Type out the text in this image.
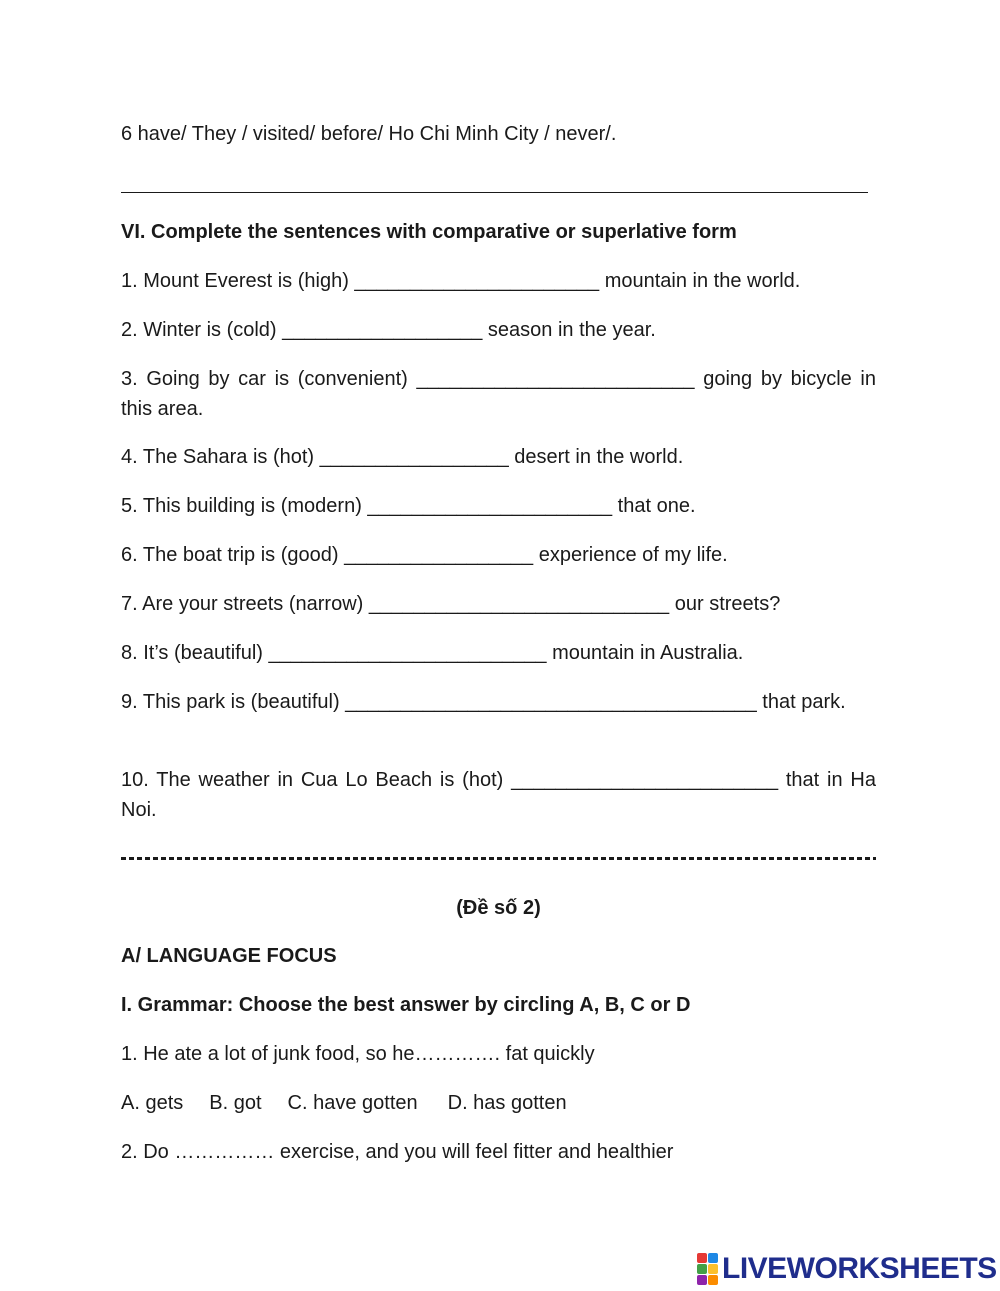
6 have/ They / visited/ before/ Ho Chi Minh City / never/.
VI. Complete the sentences with comparative or superlative form
1. Mount Everest is (high) ______________________ mountain in the world.
2. Winter is (cold) __________________ season in the year.
3. Going by car is (convenient) _________________________ going by bicycle in this area.
4. The Sahara is (hot) _________________ desert in the world.
5. This building is (modern) ______________________ that one.
6. The boat trip is (good) _________________ experience of my life.
7. Are your streets (narrow) ___________________________ our streets?
8. It’s (beautiful) _________________________ mountain in Australia.
9. This park is (beautiful) _____________________________________ that park.
10. The weather in Cua Lo Beach is (hot) ________________________ that in Ha Noi.
(Đề số 2)
A/ LANGUAGE FOCUS
I. Grammar: Choose the best answer by circling A, B, C or D
1. He ate a lot of junk food, so he…………. fat quickly
A. gets B. got C. have gotten D. has gotten
2. Do …………… exercise, and you will feel fitter and healthier
LIVEWORKSHEETS
